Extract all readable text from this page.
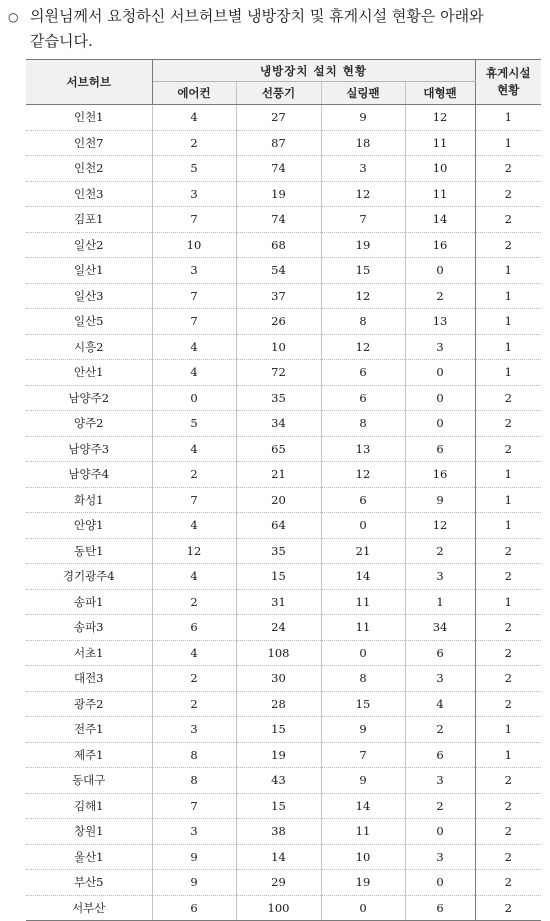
○ 의원님께서 요청하신 서브허브별 냉방장치 및 휴게시설 현황은 아래와
같습니다.
서브허브	냉방장치 설치 현황				휴게시설
현황

	에어컨	선풍기	실링팬	대형팬	
인천1	4	27	9	12	1
인천7	2	87	18	11	1
인천2	5	74	3	10	2
인천3	3	19	12	11	2
김포1	7	74	7	14	2
일산2	10	68	19	16	2
일산1	3	54	15	0	1
일산3	7	37	12	2	1
일산5	7	26	8	13	1
시흥2	4	10	12	3	1
안산1	4	72	6	0	1
남양주2	0	35	6	0	2
양주2	5	34	8	0	2
남양주3	4	65	13	6	2
남양주4	2	21	12	16	1
화성1	7	20	6	9	1
안양1	4	64	0	12	1
동탄1	12	35	21	2	2
경기광주4	4	15	14	3	2
송파1	2	31	11	1	1
송파3	6	24	11	34	2
서초1	4	108	0	6	2
대전3	2	30	8	3	2
광주2	2	28	15	4	2
전주1	3	15	9	2	1
제주1	8	19	7	6	1
동대구	8	43	9	3	2
김해1	7	15	14	2	2
창원1	3	38	11	0	2
울산1	9	14	10	3	2
부산5	9	29	19	0	2
서부산	6	100	0	6	2
